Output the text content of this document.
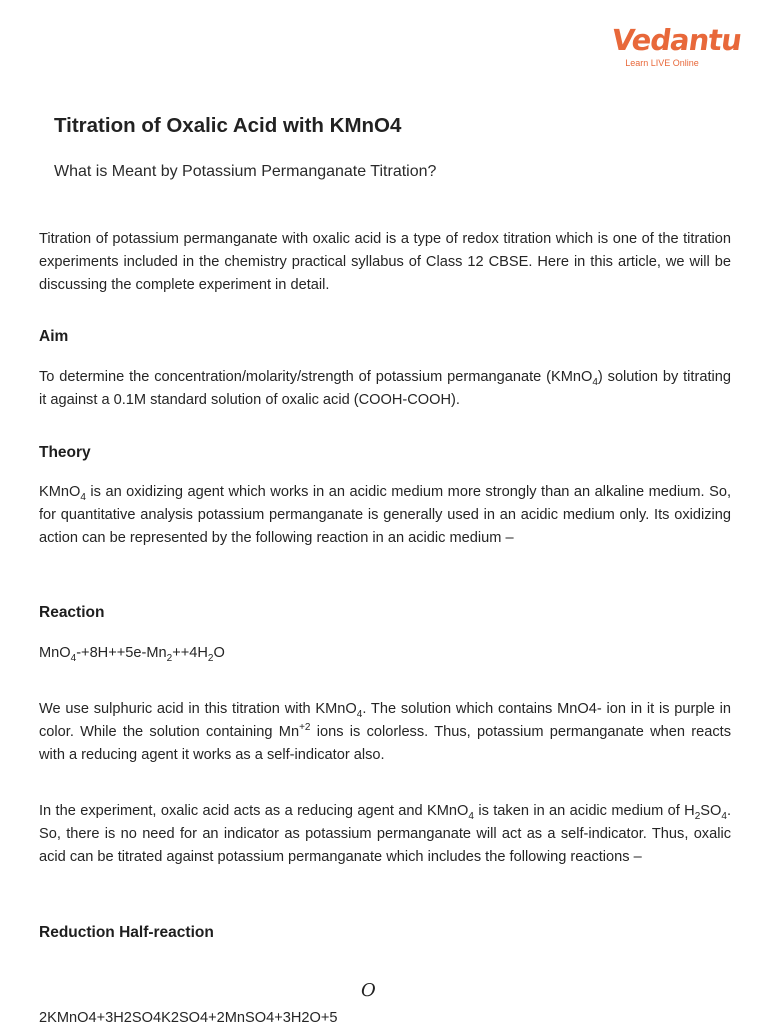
Vedantu
Learn LIVE Online
Titration of Oxalic Acid with KMnO4
What is Meant by Potassium Permanganate Titration?
Titration of potassium permanganate with oxalic acid is a type of redox titration which is one of the titration experiments included in the chemistry practical syllabus of Class 12 CBSE. Here in this article, we will be discussing the complete experiment in detail.
Aim
To determine the concentration/molarity/strength of potassium permanganate (KMnO$_4$) solution by titrating it against a 0.1M standard solution of oxalic acid (COOH-COOH).
Theory
KMnO$_4$ is an oxidizing agent which works in an acidic medium more strongly than an alkaline medium. So, for quantitative analysis potassium permanganate is generally used in an acidic medium only. Its oxidizing action can be represented by the following reaction in an acidic medium –
Reaction
$MnO_4-+8H++5e-Mn_2++4H_2O$
We use sulphuric acid in this titration with KMnO$_4$. The solution which contains MnO4- ion in it is purple in color. While the solution containing $Mn^{+2}$ ions is colorless. Thus, potassium permanganate when reacts with a reducing agent it works as a self-indicator also.
In the experiment, oxalic acid acts as a reducing agent and KMnO$_4$ is taken in an acidic medium of $H_2SO_4$. So, there is no need for an indicator as potassium permanganate will act as a self-indicator. Thus, oxalic acid can be titrated against potassium permanganate which includes the following reactions –
Reduction Half-reaction
O
2KMnO4+3H2SO4K2SO4+2MnSO4+3H2O+5
